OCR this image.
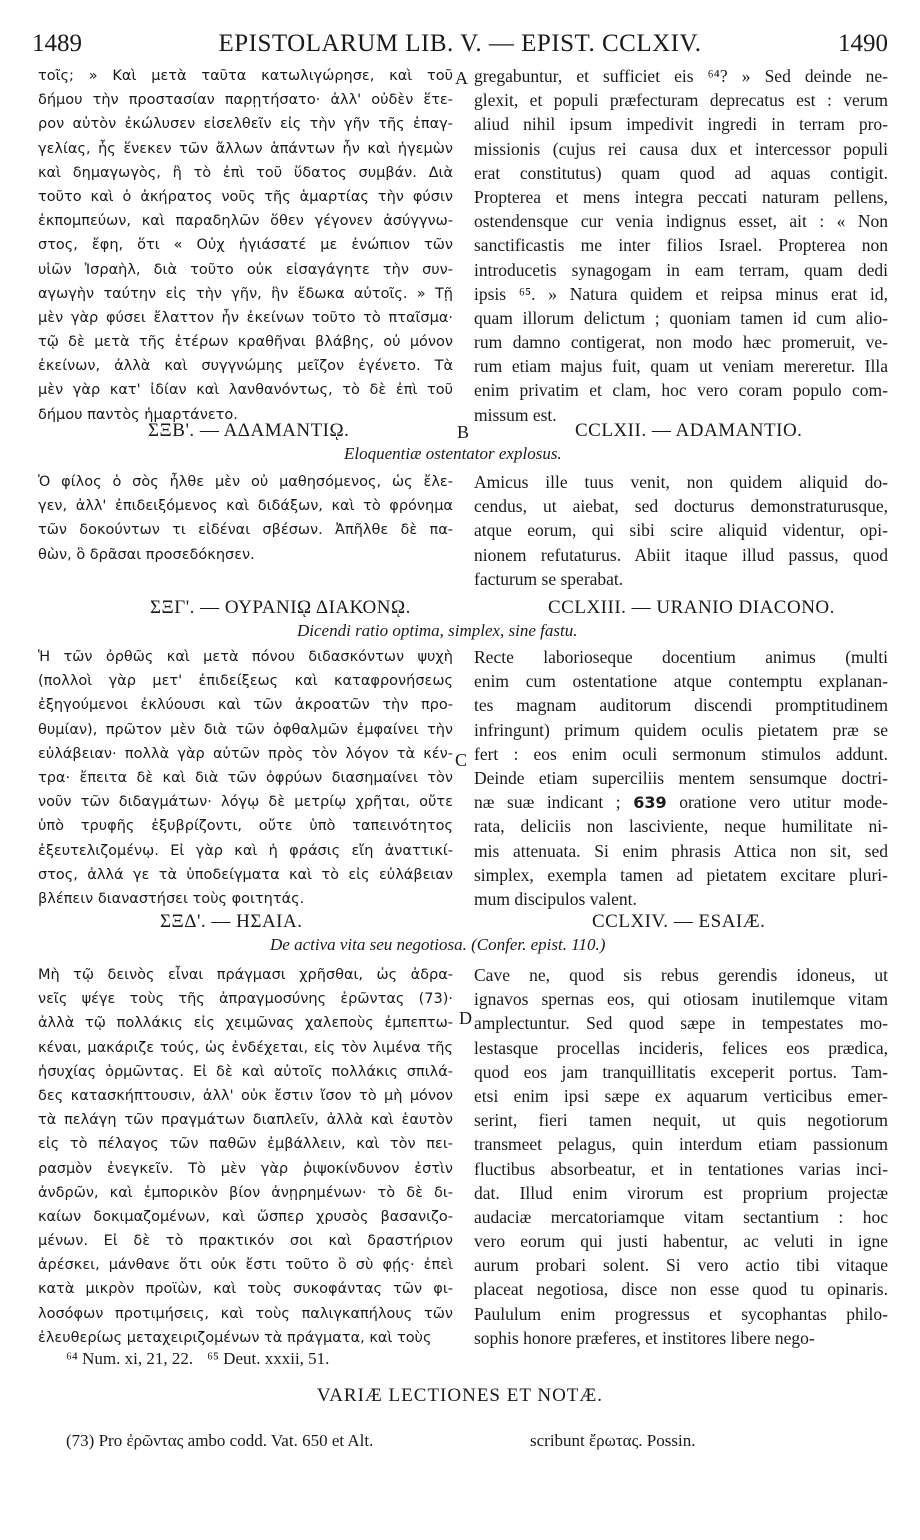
1489	EPISTOLARUM LIB. V. — EPIST. CCLXIV.	1490
A
B
C
D
τοῖς; » Καὶ μετὰ ταῦτα κατωλιγώρησε, καὶ τοῦ
δήμου τὴν προστασίαν παρῃτήσατο· ἀλλ' οὐδὲν ἕτε-
ρον αὐτὸν ἐκώλυσεν εἰσελθεῖν εἰς τὴν γῆν τῆς ἐπαγ-
γελίας, ἧς ἕνεκεν τῶν ἄλλων ἁπάντων ἦν καὶ ἡγεμὼν
καὶ δημαγωγὸς, ἢ τὸ ἐπὶ τοῦ ὕδατος συμβάν. Διὰ
τοῦτο καὶ ὁ ἀκήρατος νοῦς τῆς ἁμαρτίας τὴν φύσιν
ἐκπομπεύων, καὶ παραδηλῶν ὅθεν γέγονεν ἀσύγγνω-
στος, ἔφη, ὅτι « Οὐχ ἡγιάσατέ με ἐνώπιον τῶν
υἱῶν Ἰσραὴλ, διὰ τοῦτο οὐκ εἰσαγάγητε τὴν συν-
αγωγὴν ταύτην εἰς τὴν γῆν, ἣν ἔδωκα αὐτοῖς. » Τῇ
μὲν γὰρ φύσει ἔλαττον ἦν ἐκείνων τοῦτο τὸ πταῖσμα·
τῷ δὲ μετὰ τῆς ἑτέρων κραθῆναι βλάβης, οὐ μόνον
ἐκείνων, ἀλλὰ καὶ συγγνώμης μεῖζον ἐγένετο. Τὰ
μὲν γὰρ κατ' ἰδίαν καὶ λανθανόντως, τὸ δὲ ἐπὶ τοῦ
δήμου παντὸς ἡμαρτάνετο.
gregabuntur, et sufficiet eis ⁶⁴? » Sed deinde ne-
glexit, et populi præfecturam deprecatus est : verum
aliud nihil ipsum impedivit ingredi in terram pro-
missionis (cujus rei causa dux et intercessor populi
erat constitutus) quam quod ad aquas contigit.
Propterea et mens integra peccati naturam pellens,
ostendensque cur venia indignus esset, ait : « Non
sanctificastis me inter filios Israel. Propterea non
introducetis synagogam in eam terram, quam dedi
ipsis ⁶⁵. » Natura quidem et reipsa minus erat id,
quam illorum delictum ; quoniam tamen id cum alio-
rum damno contigerat, non modo hæc promeruit, ve-
rum etiam majus fuit, quam ut veniam mereretur. Illa
enim privatim et clam, hoc vero coram populo com-
missum est.
ΣΞΒ'. — ΑΔΑΜΑΝΤΙῼ.	CCLXII. — ADAMANTIO.
Eloquentiæ ostentator explosus.
Ὁ φίλος ὁ σὸς ἦλθε μὲν οὐ μαθησόμενος, ὡς ἔλε-
γεν, ἀλλ' ἐπιδειξόμενος καὶ διδάξων, καὶ τὸ φρόνημα
τῶν δοκούντων τι εἰδέναι σβέσων. Ἀπῆλθε δὲ πα-
θὼν, ὃ δρᾶσαι προσεδόκησεν.
Amicus ille tuus venit, non quidem aliquid do-
cendus, ut aiebat, sed docturus demonstraturusque,
atque eorum, qui sibi scire aliquid videntur, opi-
nionem refutaturus. Abiit itaque illud passus, quod
facturum se sperabat.
ΣΞΓ'. — ΟΥΡΑΝΙῼ ΔΙΑΚΟΝῼ.	CCLXIII. — URANIO DIACONO.
Dicendi ratio optima, simplex, sine fastu.
Ἡ τῶν ὀρθῶς καὶ μετὰ πόνου διδασκόντων ψυχὴ
(πολλοὶ γὰρ μετ' ἐπιδείξεως καὶ καταφρονήσεως
ἐξηγούμενοι ἐκλύουσι καὶ τῶν ἀκροατῶν τὴν προ-
θυμίαν), πρῶτον μὲν διὰ τῶν ὀφθαλμῶν ἐμφαίνει τὴν
εὐλάβειαν· πολλὰ γὰρ αὐτῶν πρὸς τὸν λόγον τὰ κέν-
τρα· ἔπειτα δὲ καὶ διὰ τῶν ὀφρύων διασημαίνει τὸν
νοῦν τῶν διδαγμάτων· λόγῳ δὲ μετρίῳ χρῆται, οὔτε
ὑπὸ τρυφῆς ἐξυβρίζοντι, οὔτε ὑπὸ ταπεινότητος
ἐξευτελιζομένῳ. Εἰ γὰρ καὶ ἡ φράσις εἴη ἀναττικί-
στος, ἀλλά γε τὰ ὑποδείγματα καὶ τὸ εἰς εὐλάβειαν
βλέπειν διαναστήσει τοὺς φοιτητάς.
Recte laborioseque docentium animus (multi
enim cum ostentatione atque contemptu explanan-
tes magnam auditorum discendi promptitudinem
infringunt) primum quidem oculis pietatem præ se
fert : eos enim oculi sermonum stimulos addunt.
Deinde etiam superciliis mentem sensumque doctri-
næ suæ indicant ; 639 oratione vero utitur mode-
rata, deliciis non lasciviente, neque humilitate ni-
mis attenuata. Si enim phrasis Attica non sit, sed
simplex, exempla tamen ad pietatem excitare pluri-
mum discipulos valent.
ΣΞΔ'. — ΗΣΑΙΑ.	CCLXIV. — ESAIÆ.
De activa vita seu negotiosa. (Confer. epist. 110.)
Μὴ τῷ δεινὸς εἶναι πράγμασι χρῆσθαι, ὡς ἀδρα-
νεῖς ψέγε τοὺς τῆς ἀπραγμοσύνης ἐρῶντας (73)·
ἀλλὰ τῷ πολλάκις εἰς χειμῶνας χαλεποὺς ἐμπεπτω-
κέναι, μακάριζε τούς, ὡς ἐνδέχεται, εἰς τὸν λιμένα τῆς
ἡσυχίας ὁρμῶντας. Εἰ δὲ καὶ αὐτοῖς πολλάκις σπιλά-
δες κατασκήπτουσιν, ἀλλ' οὐκ ἔστιν ἴσον τὸ μὴ μόνον
τὰ πελάγη τῶν πραγμάτων διαπλεῖν, ἀλλὰ καὶ ἑαυτὸν
εἰς τὸ πέλαγος τῶν παθῶν ἐμβάλλειν, καὶ τὸν πει-
ρασμὸν ἐνεγκεῖν. Τὸ μὲν γὰρ ῥιψοκίνδυνον ἐστὶν
ἀνδρῶν, καὶ ἐμπορικὸν βίον ἀνῃρημένων· τὸ δὲ δι-
καίων δοκιμαζομένων, καὶ ὥσπερ χρυσὸς βασανιζο-
μένων. Εἰ δὲ τὸ πρακτικόν σοι καὶ δραστήριον
ἀρέσκει, μάνθανε ὅτι οὐκ ἔστι τοῦτο ὃ σὺ φῄς· ἐπεὶ
κατὰ μικρὸν προϊὼν, καὶ τοὺς συκοφάντας τῶν φι-
λοσόφων προτιμήσεις, καὶ τοὺς παλιγκαπήλους τῶν
ἐλευθερίως μεταχειριζομένων τὰ πράγματα, καὶ τοὺς
Cave ne, quod sis rebus gerendis idoneus, ut
ignavos spernas eos, qui otiosam inutilemque vitam
amplectuntur. Sed quod sæpe in tempestates mo-
lestasque procellas incideris, felices eos prædica,
quod eos jam tranquillitatis exceperit portus. Tam-
etsi enim ipsi sæpe ex aquarum verticibus emer-
serint, fieri tamen nequit, ut quis negotiorum
transmeet pelagus, quin interdum etiam passionum
fluctibus absorbeatur, et in tentationes varias inci-
dat. Illud enim virorum est proprium projectæ
audaciæ mercatoriamque vitam sectantium : hoc
vero eorum qui justi habentur, ac veluti in igne
aurum probari solent. Si vero actio tibi vitaque
placeat negotiosa, disce non esse quod tu opinaris.
Paululum enim progressus et sycophantas philo-
sophis honore præferes, et institores libere nego-
⁶⁴ Num. xi, 21, 22. ⁶⁵ Deut. xxxii, 51.
VARIÆ LECTIONES ET NOTÆ.
(73) Pro ἐρῶντας ambo codd. Vat. 650 et Alt.	scribunt ἔρωτας. Possin.
